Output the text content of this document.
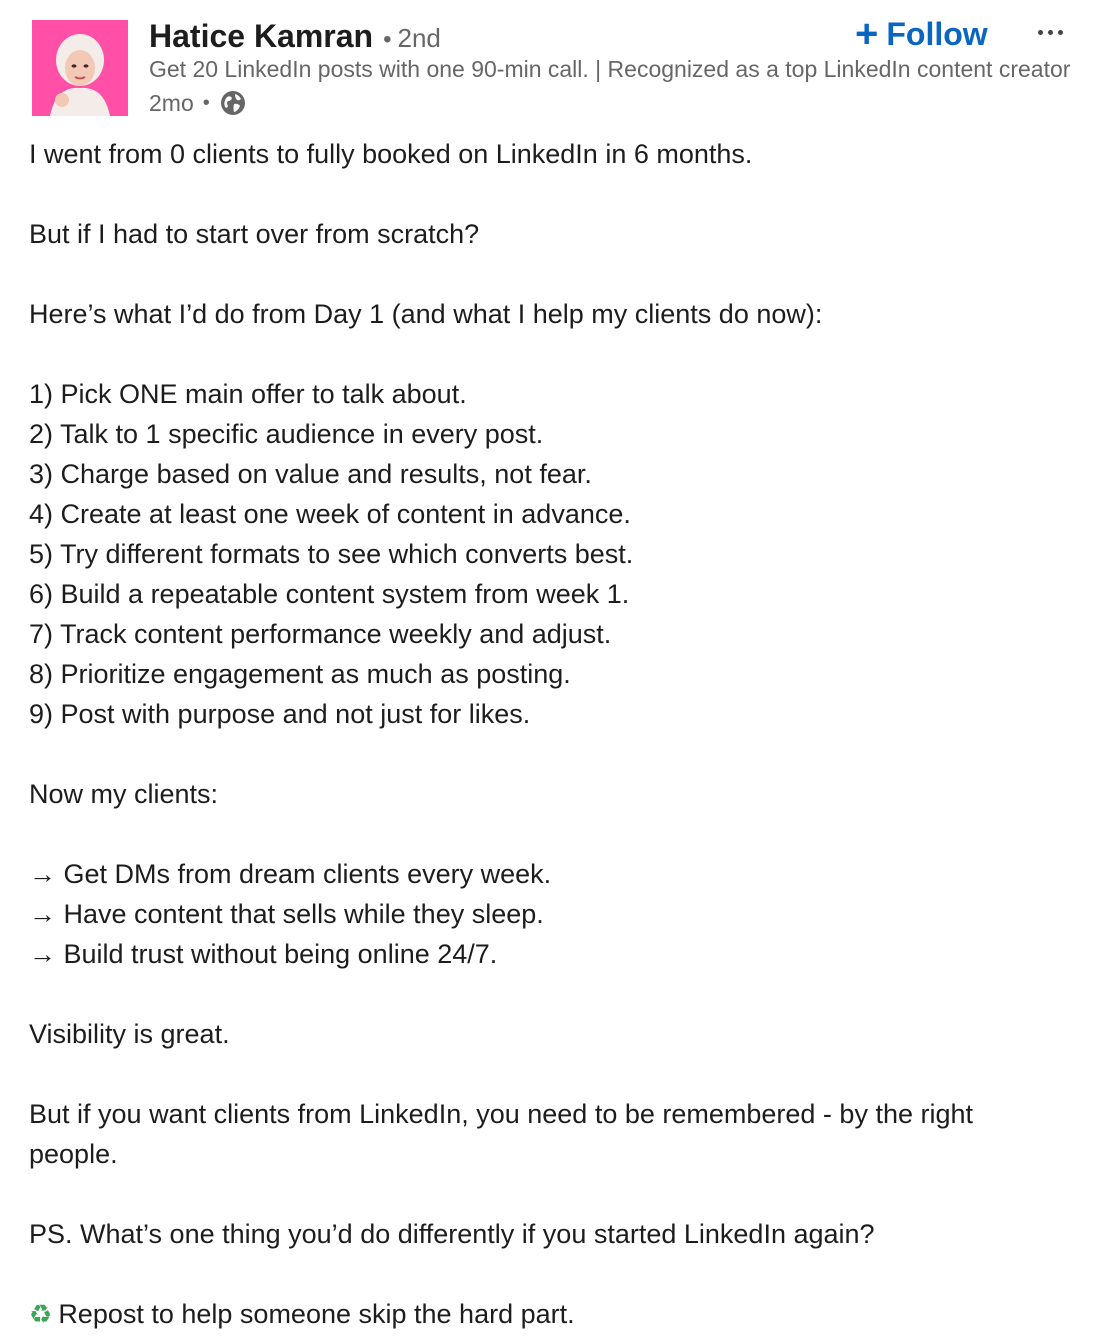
Hatice Kamran • 2nd
Get 20 LinkedIn posts with one 90-min call. | Recognized as a top LinkedIn content creator
2mo •
+ Follow
I went from 0 clients to fully booked on LinkedIn in 6 months.
But if I had to start over from scratch?
Here’s what I’d do from Day 1 (and what I help my clients do now):
1) Pick ONE main offer to talk about.
2) Talk to 1 specific audience in every post.
3) Charge based on value and results, not fear.
4) Create at least one week of content in advance.
5) Try different formats to see which converts best.
6) Build a repeatable content system from week 1.
7) Track content performance weekly and adjust.
8) Prioritize engagement as much as posting.
9) Post with purpose and not just for likes.
Now my clients:
→ Get DMs from dream clients every week.
→ Have content that sells while they sleep.
→ Build trust without being online 24/7.
Visibility is great.
But if you want clients from LinkedIn, you need to be remembered - by the right people.
PS. What’s one thing you’d do differently if you started LinkedIn again?
♻ Repost to help someone skip the hard part.
